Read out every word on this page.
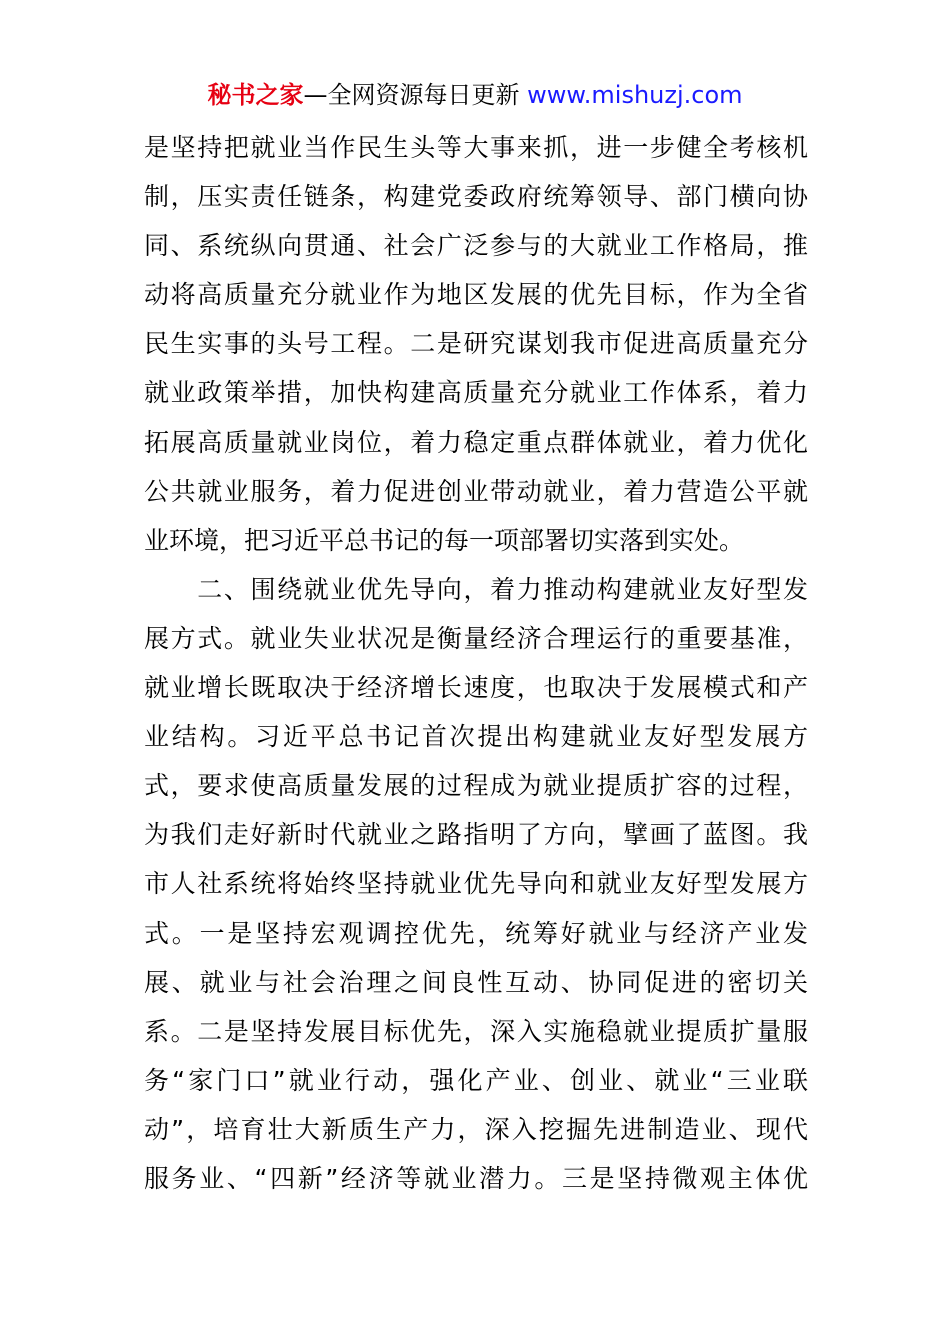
秘书之家—全网资源每日更新 www.mishuzj.com
是坚持把就业当作民生头等大事来抓，进一步健全考核机
制，压实责任链条，构建党委政府统筹领导、部门横向协
同、系统纵向贯通、社会广泛参与的大就业工作格局，推
动将高质量充分就业作为地区发展的优先目标，作为全省
民生实事的头号工程。二是研究谋划我市促进高质量充分
就业政策举措，加快构建高质量充分就业工作体系，着力
拓展高质量就业岗位，着力稳定重点群体就业，着力优化
公共就业服务，着力促进创业带动就业，着力营造公平就
业环境，把习近平总书记的每一项部署切实落到实处。
　　二、围绕就业优先导向，着力推动构建就业友好型发
展方式。就业失业状况是衡量经济合理运行的重要基准，
就业增长既取决于经济增长速度，也取决于发展模式和产
业结构。习近平总书记首次提出构建就业友好型发展方
式，要求使高质量发展的过程成为就业提质扩容的过程，
为我们走好新时代就业之路指明了方向，擘画了蓝图。我
市人社系统将始终坚持就业优先导向和就业友好型发展方
式。一是坚持宏观调控优先，统筹好就业与经济产业发
展、就业与社会治理之间良性互动、协同促进的密切关
系。二是坚持发展目标优先，深入实施稳就业提质扩量服
务“家门口”就业行动，强化产业、创业、就业“三业联
动”，培育壮大新质生产力，深入挖掘先进制造业、现代
服务业、“四新”经济等就业潜力。三是坚持微观主体优
